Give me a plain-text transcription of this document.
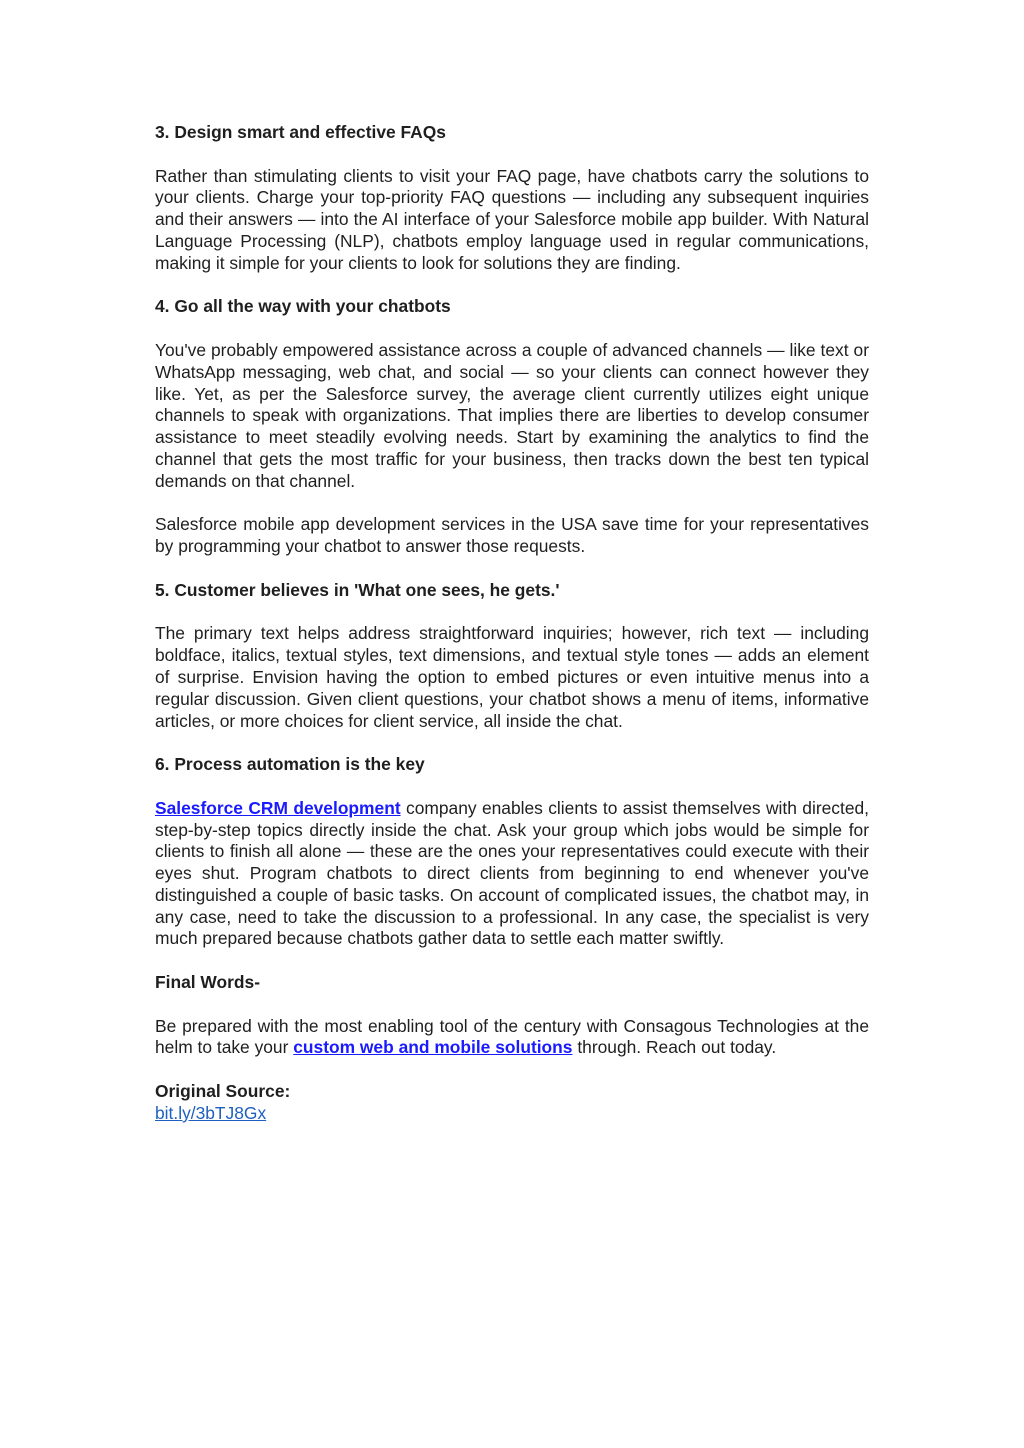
3. Design smart and effective FAQs

Rather than stimulating clients to visit your FAQ page, have chatbots carry the solutions to your clients. Charge your top-priority FAQ questions — including any subsequent inquiries and their answers — into the AI interface of your Salesforce mobile app builder. With Natural Language Processing (NLP), chatbots employ language used in regular communications, making it simple for your clients to look for solutions they are finding.

4. Go all the way with your chatbots

You've probably empowered assistance across a couple of advanced channels — like text or WhatsApp messaging, web chat, and social — so your clients can connect however they like. Yet, as per the Salesforce survey, the average client currently utilizes eight unique channels to speak with organizations. That implies there are liberties to develop consumer assistance to meet steadily evolving needs. Start by examining the analytics to find the channel that gets the most traffic for your business, then tracks down the best ten typical demands on that channel.

Salesforce mobile app development services in the USA save time for your representatives by programming your chatbot to answer those requests.

5. Customer believes in 'What one sees, he gets.'

The primary text helps address straightforward inquiries; however, rich text — including boldface, italics, textual styles, text dimensions, and textual style tones — adds an element of surprise. Envision having the option to embed pictures or even intuitive menus into a regular discussion. Given client questions, your chatbot shows a menu of items, informative articles, or more choices for client service, all inside the chat.

6. Process automation is the key

Salesforce CRM development company enables clients to assist themselves with directed, step-by-step topics directly inside the chat. Ask your group which jobs would be simple for clients to finish all alone — these are the ones your representatives could execute with their eyes shut. Program chatbots to direct clients from beginning to end whenever you've distinguished a couple of basic tasks. On account of complicated issues, the chatbot may, in any case, need to take the discussion to a professional. In any case, the specialist is very much prepared because chatbots gather data to settle each matter swiftly.

Final Words-

Be prepared with the most enabling tool of the century with Consagous Technologies at the helm to take your custom web and mobile solutions through. Reach out today.

Original Source:
bit.ly/3bTJ8Gx
